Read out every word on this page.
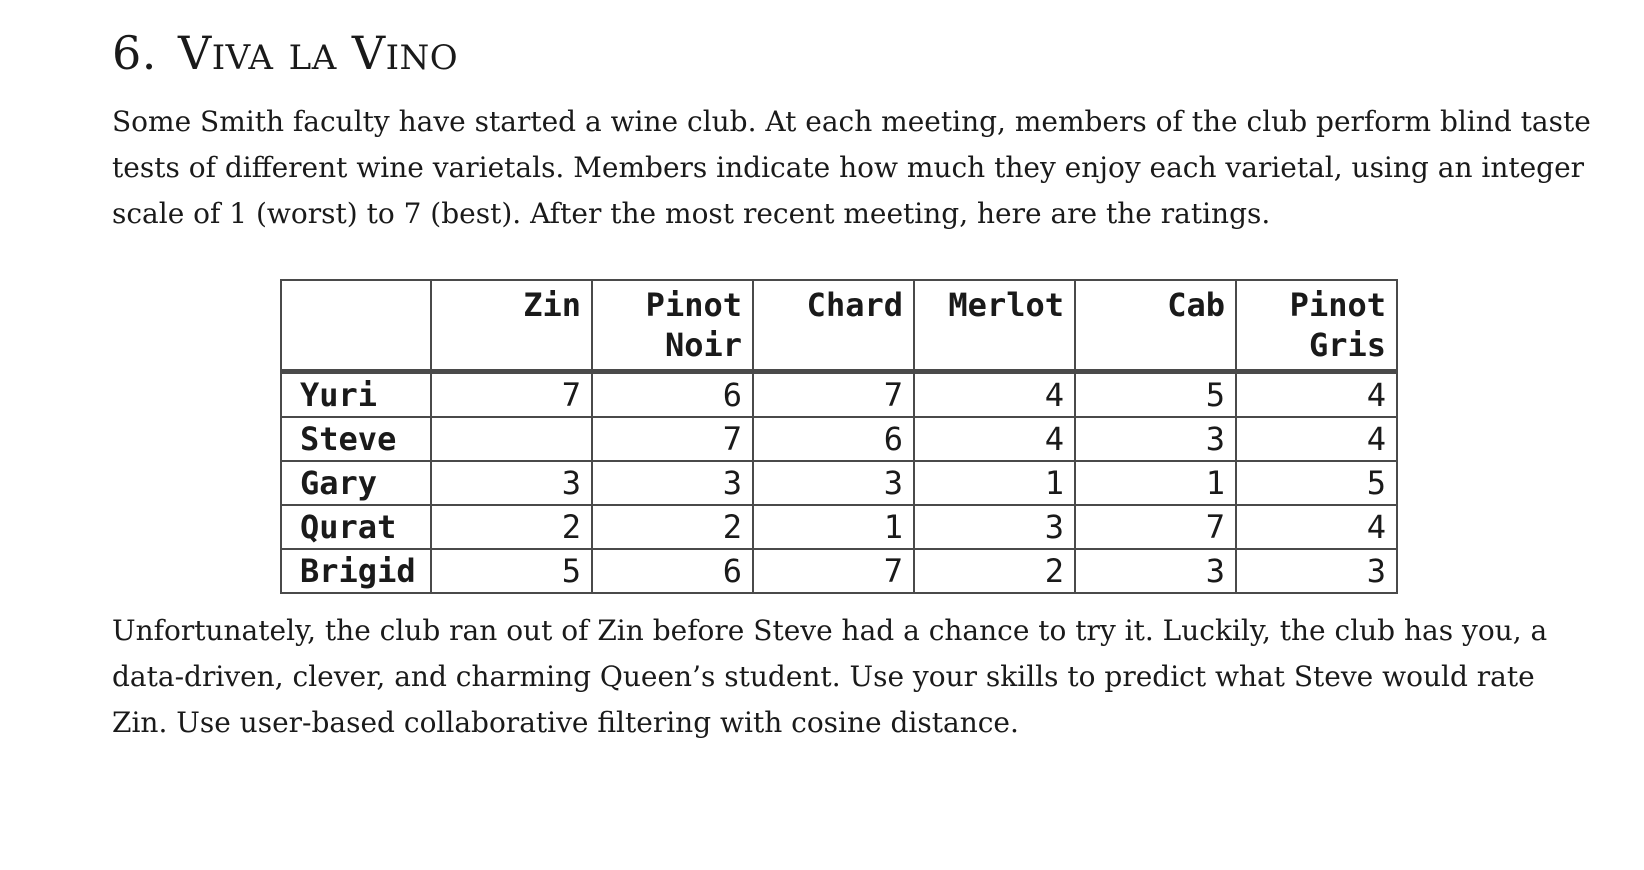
6. VIVA LA VINO

Some Smith faculty have started a wine club. At each meeting, members of the club perform blind taste tests of different wine varietals. Members indicate how much they enjoy each varietal, using an integer scale of 1 (worst) to 7 (best). After the most recent meeting, here are the ratings.

	Zin	Pinot Noir	Chard	Merlot	Cab	Pinot Gris
Yuri	7	6	7	4	5	4
Steve		7	6	4	3	4
Gary	3	3	3	1	1	5
Qurat	2	2	1	3	7	4
Brigid	5	6	7	2	3	3

Unfortunately, the club ran out of Zin before Steve had a chance to try it. Luckily, the club has you, a data-driven, clever, and charming Queen’s student. Use your skills to predict what Steve would rate Zin. Use user-based collaborative filtering with cosine distance.
